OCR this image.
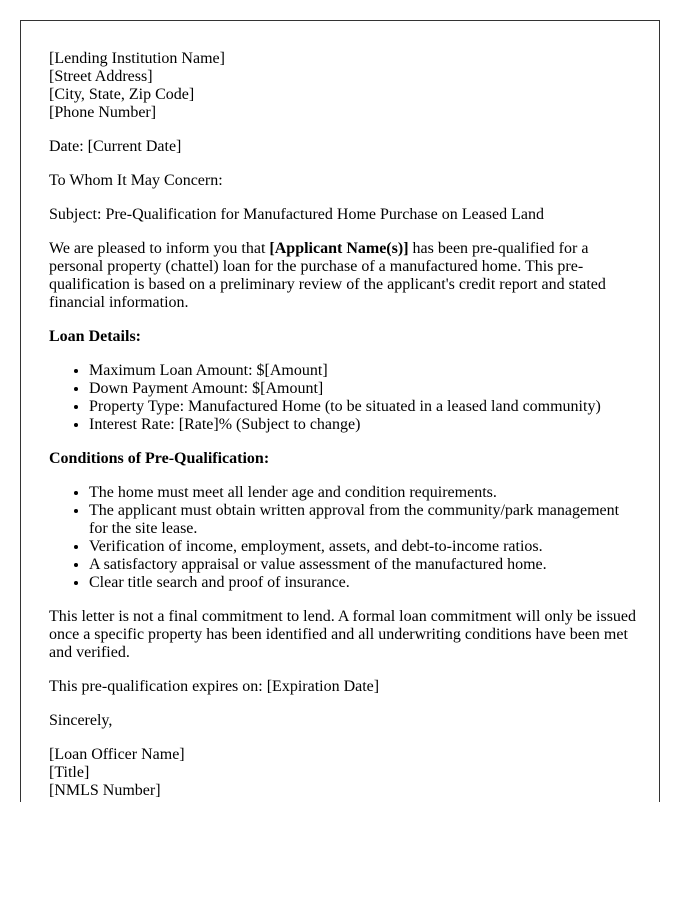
[Lending Institution Name]
[Street Address]
[City, State, Zip Code]
[Phone Number]

Date: [Current Date]

To Whom It May Concern:

Subject: Pre-Qualification for Manufactured Home Purchase on Leased Land

We are pleased to inform you that [Applicant Name(s)] has been pre-qualified for a personal property (chattel) loan for the purchase of a manufactured home. This pre-qualification is based on a preliminary review of the applicant's credit report and stated financial information.

Loan Details:
• Maximum Loan Amount: $[Amount]
• Down Payment Amount: $[Amount]
• Property Type: Manufactured Home (to be situated in a leased land community)
• Interest Rate: [Rate]% (Subject to change)
Conditions of Pre-Qualification:
• The home must meet all lender age and condition requirements.
• The applicant must obtain written approval from the community/park management for the site lease.
• Verification of income, employment, assets, and debt-to-income ratios.
• A satisfactory appraisal or value assessment of the manufactured home.
• Clear title search and proof of insurance.

This letter is not a final commitment to lend. A formal loan commitment will only be issued once a specific property has been identified and all underwriting conditions have been met and verified.

This pre-qualification expires on: [Expiration Date]

Sincerely,

[Loan Officer Name]
[Title]
[NMLS Number]
